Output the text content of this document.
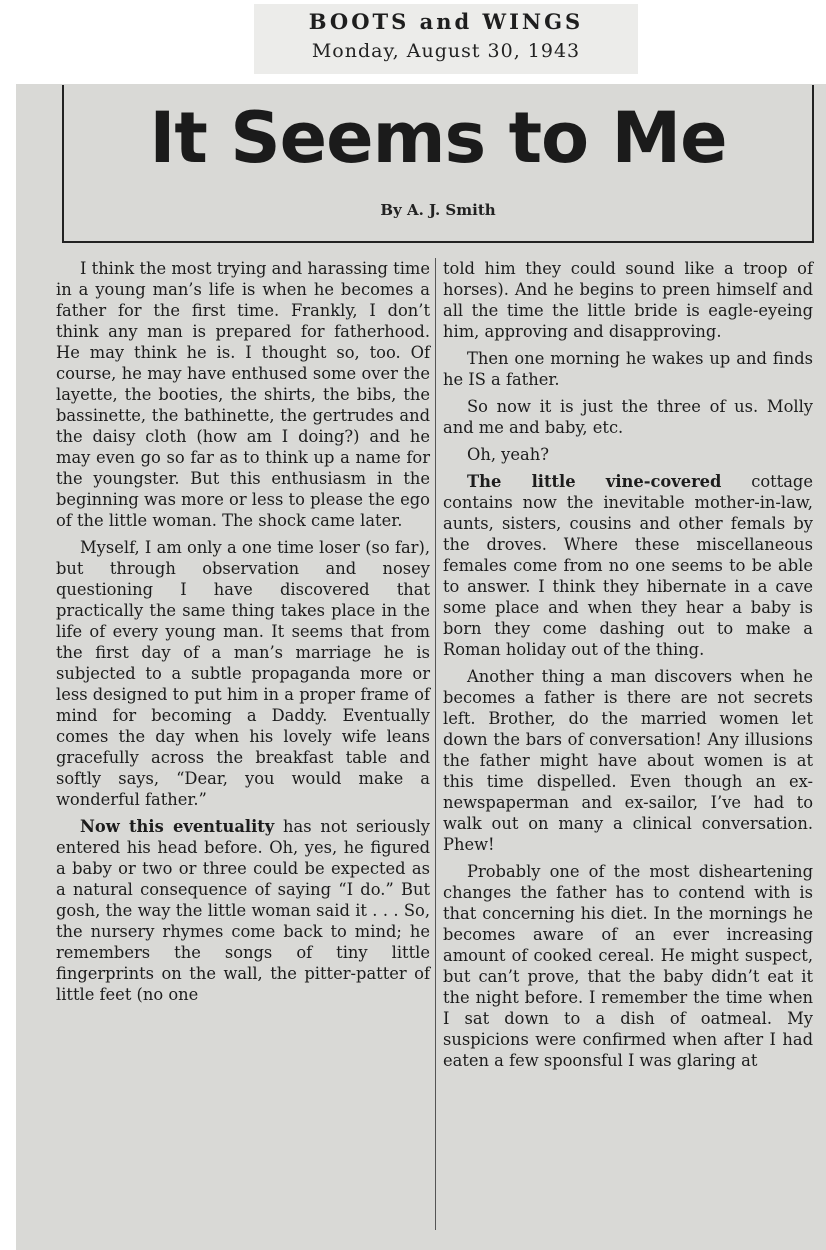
BOOTS and WINGS
Monday, August 30, 1943
It Seems to Me
By A. J. Smith

I think the most trying and harassing time in a young man’s life is when he becomes a father for the first time. Frankly, I don’t think any man is prepared for fatherhood. He may think he is. I thought so, too. Of course, he may have enthused some over the layette, the booties, the shirts, the bibs, the bassinette, the bathinette, the gertrudes and the daisy cloth (how am I doing?) and he may even go so far as to think up a name for the youngster. But this enthusiasm in the beginning was more or less to please the ego of the little woman. The shock came later.

Myself, I am only a one time loser (so far), but through observation and nosey questioning I have discovered that practically the same thing takes place in the life of every young man. It seems that from the first day of a man’s marriage he is subjected to a subtle propaganda more or less designed to put him in a proper frame of mind for becoming a Daddy. Eventually comes the day when his lovely wife leans gracefully across the breakfast table and softly says, “Dear, you would make a wonderful father.”

Now this eventuality has not seriously entered his head before. Oh, yes, he figured a baby or two or three could be expected as a natural consequence of saying “I do.” But gosh, the way the little woman said it . . . So, the nursery rhymes come back to mind; he remembers the songs of tiny little fingerprints on the wall, the pitter-patter of little feet (no one

told him they could sound like a troop of horses). And he begins to preen himself and all the time the little bride is eagle-eyeing him, approving and disapproving.

Then one morning he wakes up and finds he IS a father.

So now it is just the three of us. Molly and me and baby, etc.

Oh, yeah?

The little vine-covered cottage contains now the inevitable mother-in-law, aunts, sisters, cousins and other femals by the droves. Where these miscellaneous females come from no one seems to be able to answer. I think they hibernate in a cave some place and when they hear a baby is born they come dashing out to make a Roman holiday out of the thing.

Another thing a man discovers when he becomes a father is there are not secrets left. Brother, do the married women let down the bars of conversation! Any illusions the father might have about women is at this time dispelled. Even though an ex-newspaperman and ex-sailor, I’ve had to walk out on many a clinical conversation. Phew!

Probably one of the most disheartening changes the father has to contend with is that concerning his diet. In the mornings he becomes aware of an ever increasing amount of cooked cereal. He might suspect, but can’t prove, that the baby didn’t eat it the night before. I remember the time when I sat down to a dish of oatmeal. My suspicions were confirmed when after I had eaten a few spoonsful I was glaring at
